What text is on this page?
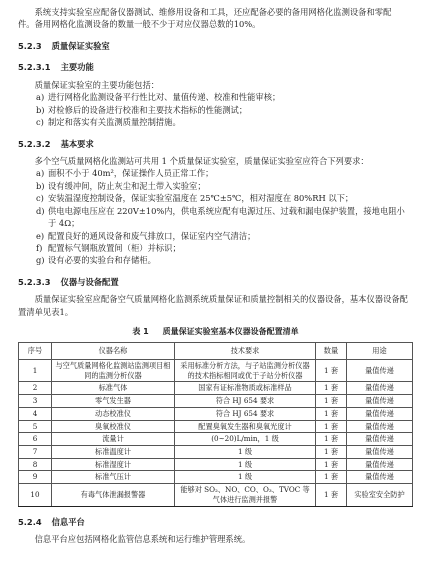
系统支持实验室应配备仪器测试、维修用设备和工具，还应配备必要的备用网格化监测设备和零配

件。备用网格化监测设备的数量一般不少于对应仪器总数的10%。

5.2.3 质量保证实验室
5.2.3.1 主要功能

质量保证实验室的主要功能包括：

a) 进行网格化监测设备平行性比对、量值传递、校准和性能审核；
b) 对检修后的设备进行校准和主要技术指标的性能测试；
c) 制定和落实有关监测质量控制措施。
5.2.3.2 基本要求

多个空气质量网格化监测站可共用 1 个质量保证实验室，质量保证实验室应符合下列要求：

a) 面积不小于 40m²，保证操作人员正常工作；
b) 设有缓冲间，防止灰尘和泥土带入实验室；
c) 安装温湿度控制设备，保证实验室温度在 25℃±5℃，相对湿度在 80%RH 以下；
d) 供电电源电压应在 220V±10%内，供电系统应配有电源过压、过载和漏电保护装置，接地电阻小于 4Ω；
e) 配置良好的通风设备和废气排放口，保证室内空气清洁；
f) 配置标气钢瓶放置间（柜）并标识；
g) 设有必要的实验台和存储柜。
5.2.3.3 仪器与设备配置

质量保证实验室应配备空气质量网格化监测系统质量保证和质量控制相关的仪器设备，基本仪器设备配置清单见表1。

表 1 质量保证实验室基本仪器设备配置清单
序号	仪器名称	技术要求	数量	用途
1	与空气质量网格化监测站监测项目相同的监测分析仪器	采用标准分析方法，与子站监测分析仪器的技术指标相同或优于子站分析仪器	1 套	量值传递
2	标准气体	国家有证标准物质或标准样品	1 套	量值传递
3	零气发生器	符合 HJ 654 要求	1 套	量值传递
4	动态校准仪	符合 HJ 654 要求	1 套	量值传递
5	臭氧校准仪	配置臭氧发生器和臭氧光度计	1 套	量值传递
6	流量计	(0~20)L/min，1 级	1 套	量值传递
7	标准温度计	1 级	1 套	量值传递
8	标准湿度计	1 级	1 套	量值传递
9	标准气压计	1 级	1 套	量值传递
10	有毒气体泄漏报警器	能够对 SO₂、NO、CO、O₃、TVOC 等气体进行监测并报警	1 套	实验室安全防护
5.2.4 信息平台

信息平台应包括网格化监管信息系统和运行维护管理系统。
